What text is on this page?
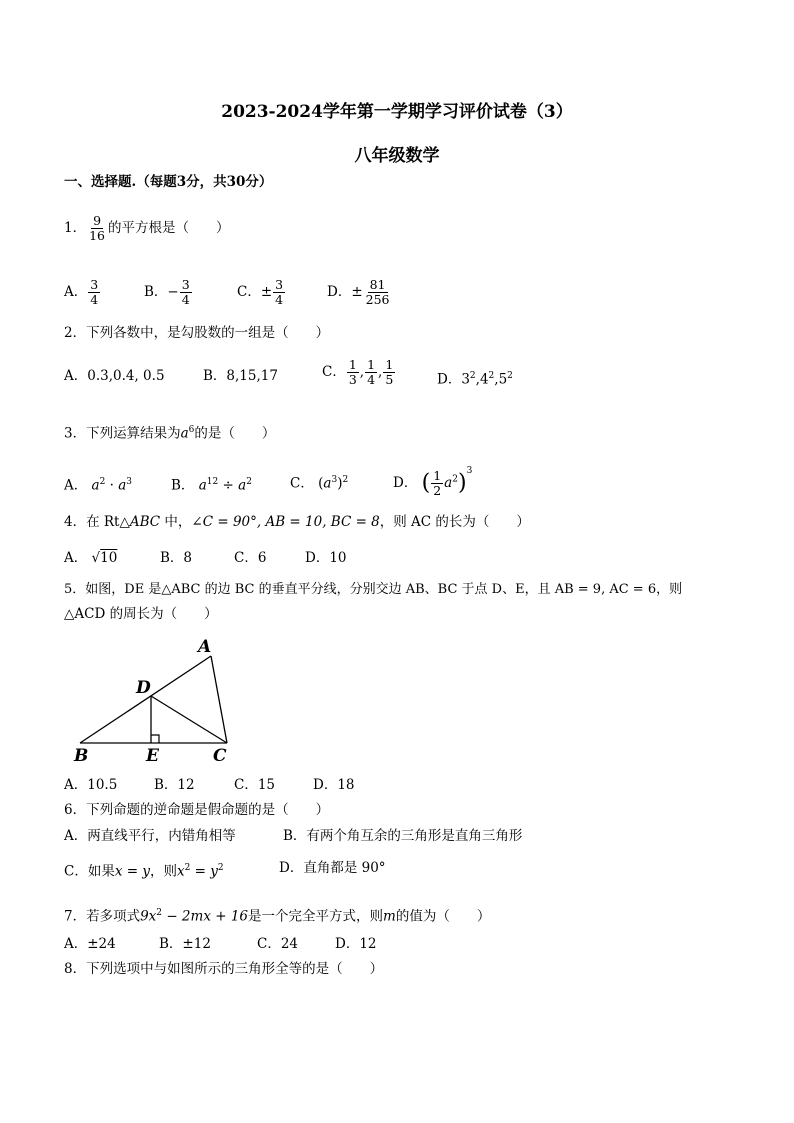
2023-2024学年第一学期学习评价试卷（3）
八年级数学
一、选择题.（每题3分，共30分）
1． $\frac{9}{16}$ 的平方根是（　　）
A． $\frac{3}{4}$	B．− $\frac{3}{4}$	C．± $\frac{3}{4}$	D．± $\frac{81}{256}$
2．下列各数中，是勾股数的一组是（　　）
A．0.3,0.4, 0.5	B．8,15,17	C． $\frac{1}{3}$ , $\frac{1}{4}$ , $\frac{1}{5}$	D．$3^2,4^2,5^2$
3．下列运算结果为$a^6$的是（　　）
A． $a^2 \cdot a^3$	B． $a^{12} \div a^2$	C． $(a^3)^2$	D． ( $\frac{1}{2} a^2)^3$
4．在 Rt△ABC 中，∠C = 90°, AB = 10, BC = 8，则 AC 的长为（　　）
A． √10	B．8	C．6	D．10
5．如图，DE 是△ABC 的边 BC 的垂直平分线，分别交边 AB、BC 于点 D、E，且 AB = 9, AC = 6，则
△ACD 的周长为（　　）
A
D
B	E	C
A．10.5	B．12	C．15	D．18
6．下列命题的逆命题是假命题的是（　　）
A．两直线平行，内错角相等	B．有两个角互余的三角形是直角三角形
C．如果x = y，则$x^2 = y^2$	D．直角都是 90°
7．若多项式$9x^2 - 2mx + 16$是一个完全平方式，则m的值为（　　）
A．±24	B．±12	C．24	D．12
8．下列选项中与如图所示的三角形全等的是（　　）
